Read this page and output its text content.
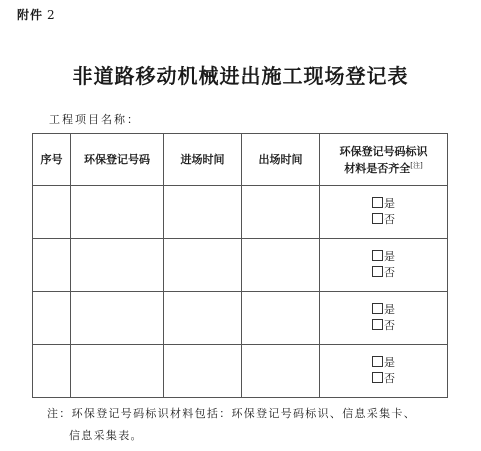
附件 2
非道路移动机械进出施工现场登记表
工程项目名称：
序号	环保登记号码	进场时间	出场时间	环保登记号码标识
材料是否齐全[注]

				是
否

				是
否

				是
否

				是
否
注：环保登记号码标识材料包括：环保登记号码标识、信息采集卡、
信息采集表。
